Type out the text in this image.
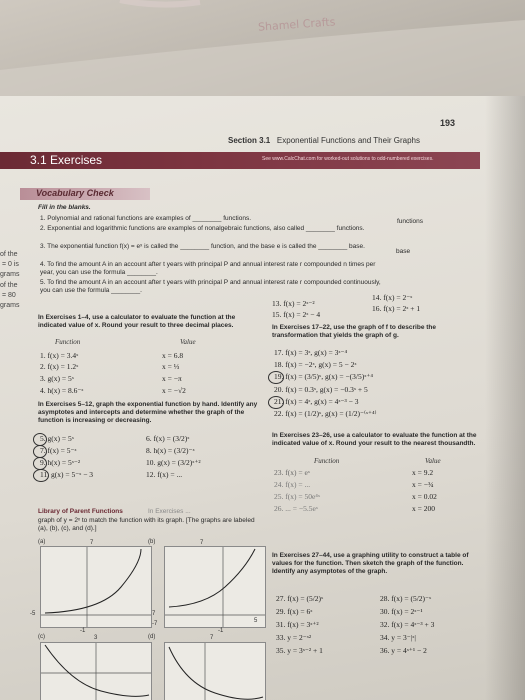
Shamel Crafts
Section 3.1 Exponential Functions and Their Graphs
193
3.1 Exercises	See www.CalcChat.com for worked-out solutions to odd-numbered exercises.
Vocabulary Check
Fill in the blanks.
1. Polynomial and rational functions are examples of ________ functions.
2. Exponential and logarithmic functions are examples of nonalgebraic functions, also called ________ functions.
3. The exponential function f(x) = eˣ is called the ________ function, and the base e is called the ________ base.
4. To find the amount A in an account after t years with principal P and annual interest rate r compounded n times per year, you can use the formula ________.
5. To find the amount A in an account after t years with principal P and annual interest rate r compounded continuously, you can use the formula ________.
functions
base
of the
= 0 is
grams
of the
= 80
grams
In Exercises 1–4, use a calculator to evaluate the function at the indicated value of x. Round your result to three decimal places.
Function	Value
1. f(x) = 3.4ˣ	x = 6.8
2. f(x) = 1.2ˣ	x = ⅓
3. g(x) = 5ˣ	x = −π
4. h(x) = 8.6⁻ˣ	x = −√2
13. f(x) = 2ˣ⁻²
14. f(x) = 2⁻ˣ
15. f(x) = 2ˣ − 4
16. f(x) = 2ˣ + 1
In Exercises 17–22, use the graph of f to describe the transformation that yields the graph of g.
17. f(x) = 3ˣ, g(x) = 3ˣ⁻⁴
18. f(x) = −2ˣ, g(x) = 5 − 2ˣ
19. f(x) = (3/5)ˣ, g(x) = −(3/5)ˣ⁺⁴
20. f(x) = 0.3ˣ, g(x) = −0.3ˣ + 5
21. f(x) = 4ˣ, g(x) = 4ˣ⁻³ − 3
22. f(x) = (1/2)ˣ, g(x) = (1/2)⁻⁽ˣ⁺⁴⁾
In Exercises 5–12, graph the exponential function by hand. Identify any asymptotes and intercepts and determine whether the graph of the function is increasing or decreasing.
5. g(x) = 5ˣ
7. f(x) = 5⁻ˣ
9. h(x) = 5ˣ⁻²
11. g(x) = 5⁻ˣ − 3
6. f(x) = (3/2)ˣ
8. h(x) = (3/2)⁻ˣ
10. g(x) = (3/2)ˣ⁺²
12. f(x) = ...
In Exercises 23–26, use a calculator to evaluate the function at the indicated value of x. Round your result to the nearest thousandth.
Function	Value
23. f(x) = eˣ	x = 9.2
24. f(x) = ...	x = −¾
25. f(x) = 50e⁴ˣ	x = 0.02
26. ... = −5.5eˣ	x = 200
Library of Parent Functions	In Exercises ...
graph of y = 2ˣ to match the function with its graph. [The graphs are labeled (a), (b), (c), and (d).]
(a)	7
-5	7
-1
(b)	7
-7	5
-1
(c)	3	(d)	7
In Exercises 27–44, use a graphing utility to construct a table of values for the function. Then sketch the graph of the function. Identify any asymptotes of the graph.
27. f(x) = (5/2)ˣ
29. f(x) = 6ˣ
31. f(x) = 3ˣ⁺²
33. y = 2⁻ˣ²
35. y = 3ˣ⁻² + 1
28. f(x) = (5/2)⁻ˣ
30. f(x) = 2ˣ⁻¹
32. f(x) = 4ˣ⁻³ + 3
34. y = 3⁻|ˣ|
36. y = 4ˣ⁺¹ − 2
